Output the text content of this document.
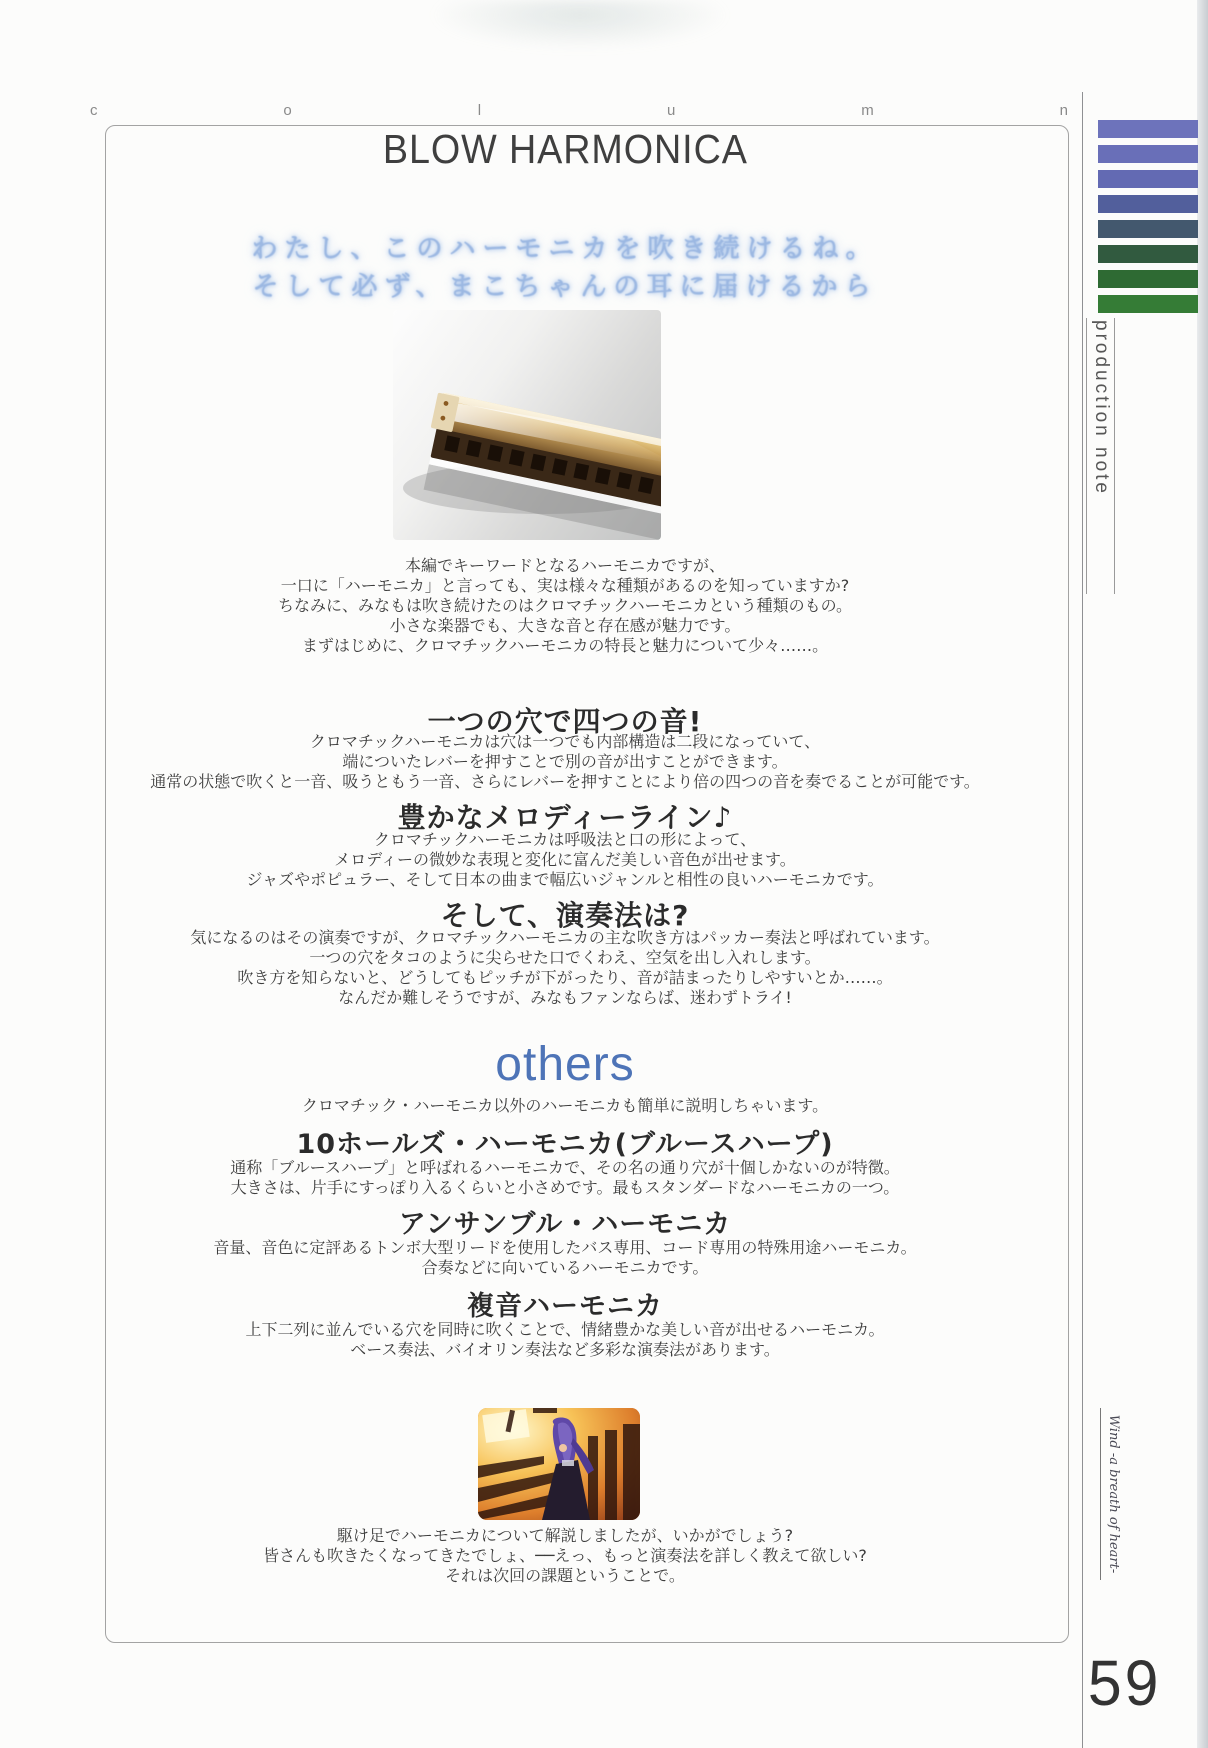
c	o	l	u	m	n
BLOW HARMONICA
わたし、このハーモニカを吹き続けるね。
そして必ず、まこちゃんの耳に届けるから
本編でキーワードとなるハーモニカですが、
一口に「ハーモニカ」と言っても、実は様々な種類があるのを知っていますか?
ちなみに、みなもは吹き続けたのはクロマチックハーモニカという種類のもの。
小さな楽器でも、大きな音と存在感が魅力です。
まずはじめに、クロマチックハーモニカの特長と魅力について少々……。
一つの穴で四つの音!
クロマチックハーモニカは穴は一つでも内部構造は二段になっていて、
端についたレバーを押すことで別の音が出すことができます。
通常の状態で吹くと一音、吸うともう一音、さらにレバーを押すことにより倍の四つの音を奏でることが可能です。
豊かなメロディーライン♪
クロマチックハーモニカは呼吸法と口の形によって、
メロディーの微妙な表現と変化に富んだ美しい音色が出せます。
ジャズやポピュラー、そして日本の曲まで幅広いジャンルと相性の良いハーモニカです。
そして、演奏法は?
気になるのはその演奏ですが、クロマチックハーモニカの主な吹き方はパッカー奏法と呼ばれています。
一つの穴をタコのように尖らせた口でくわえ、空気を出し入れします。
吹き方を知らないと、どうしてもピッチが下がったり、音が詰まったりしやすいとか……。
なんだか難しそうですが、みなもファンならば、迷わずトライ!
others
クロマチック・ハーモニカ以外のハーモニカも簡単に説明しちゃいます。
10ホールズ・ハーモニカ(ブルースハープ)
通称「ブルースハープ」と呼ばれるハーモニカで、その名の通り穴が十個しかないのが特徴。
大きさは、片手にすっぽり入るくらいと小さめです。最もスタンダードなハーモニカの一つ。
アンサンブル・ハーモニカ
音量、音色に定評あるトンボ大型リードを使用したバス専用、コード専用の特殊用途ハーモニカ。
合奏などに向いているハーモニカです。
複音ハーモニカ
上下二列に並んでいる穴を同時に吹くことで、情緒豊かな美しい音が出せるハーモニカ。
ベース奏法、バイオリン奏法など多彩な演奏法があります。
駆け足でハーモニカについて解説しましたが、いかがでしょう?
皆さんも吹きたくなってきたでしょ、──えっ、もっと演奏法を詳しく教えて欲しい?
それは次回の課題ということで。
production note
Wind -a breath of heart-
59
